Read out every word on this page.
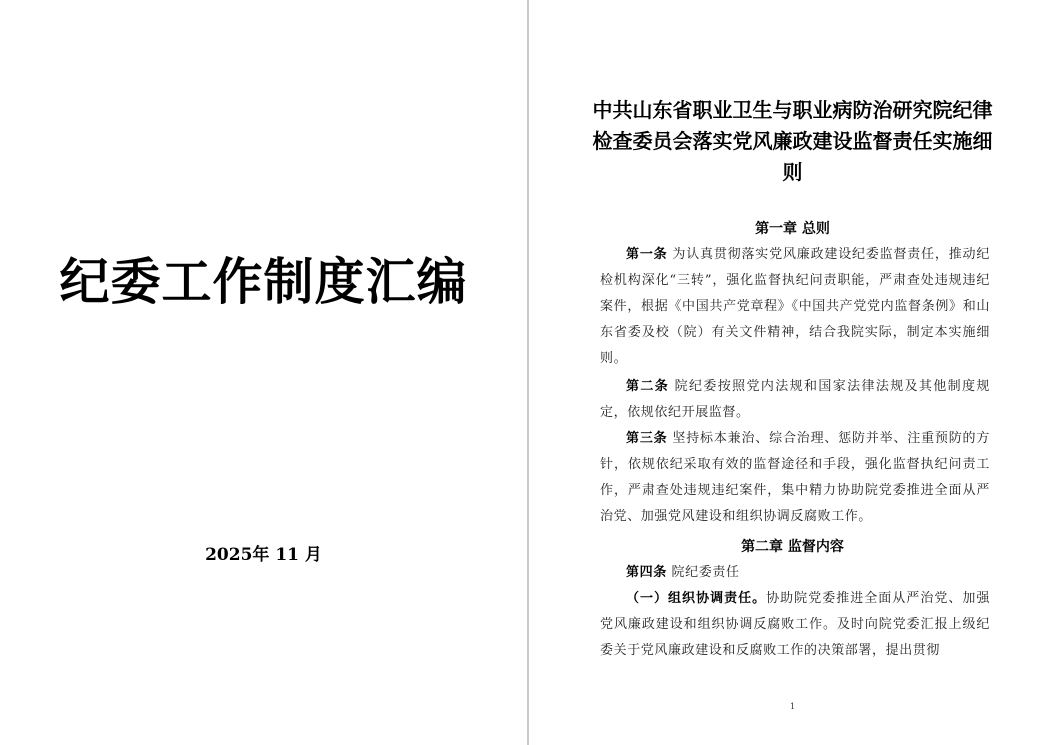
纪委工作制度汇编
2025年 11 月
中共山东省职业卫生与职业病防治研究院纪律检查委员会落实党风廉政建设监督责任实施细则
第一章 总则
第一条 为认真贯彻落实党风廉政建设纪委监督责任，推动纪检机构深化“三转”，强化监督执纪问责职能，严肃查处违规违纪案件，根据《中国共产党章程》《中国共产党党内监督条例》和山东省委及校（院）有关文件精神，结合我院实际，制定本实施细则。
第二条 院纪委按照党内法规和国家法律法规及其他制度规定，依规依纪开展监督。
第三条 坚持标本兼治、综合治理、惩防并举、注重预防的方针，依规依纪采取有效的监督途径和手段，强化监督执纪问责工作，严肃查处违规违纪案件，集中精力协助院党委推进全面从严治党、加强党风建设和组织协调反腐败工作。
第二章 监督内容
第四条 院纪委责任
（一）组织协调责任。协助院党委推进全面从严治党、加强党风廉政建设和组织协调反腐败工作。及时向院党委汇报上级纪委关于党风廉政建设和反腐败工作的决策部署，提出贯彻
1
